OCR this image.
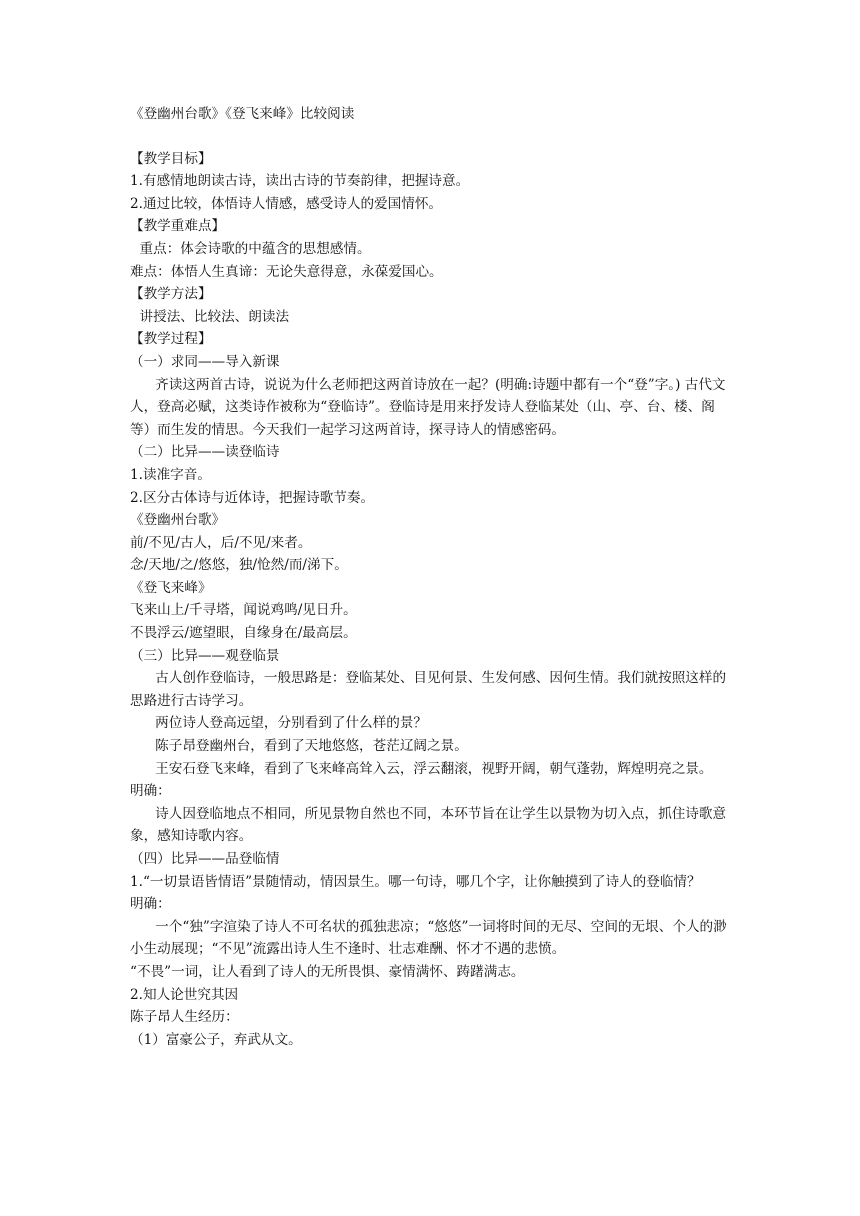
《登幽州台歌》《登飞来峰》比较阅读
【教学目标】
1.有感情地朗读古诗，读出古诗的节奏韵律，把握诗意。
2.通过比较，体悟诗人情感，感受诗人的爱国情怀。
【教学重难点】
重点：体会诗歌的中蕴含的思想感情。
难点：体悟人生真谛：无论失意得意，永葆爱国心。
【教学方法】
讲授法、比较法、朗读法
【教学过程】
（一）求同——导入新课
齐读这两首古诗，说说为什么老师把这两首诗放在一起？(明确:诗题中都有一个“登”字。) 古代文人，登高必赋，这类诗作被称为“登临诗”。登临诗是用来抒发诗人登临某处（山、亭、台、楼、阁等）而生发的情思。今天我们一起学习这两首诗，探寻诗人的情感密码。
（二）比异——读登临诗
1.读准字音。
2.区分古体诗与近体诗，把握诗歌节奏。
《登幽州台歌》
前/不见/古人，后/不见/来者。
念/天地/之/悠悠，独/怆然/而/涕下。
《登飞来峰》
飞来山上/千寻塔，闻说鸡鸣/见日升。
不畏浮云/遮望眼，自缘身在/最高层。
（三）比异——观登临景
古人创作登临诗，一般思路是：登临某处、目见何景、生发何感、因何生情。我们就按照这样的思路进行古诗学习。
两位诗人登高远望，分别看到了什么样的景？
陈子昂登幽州台，看到了天地悠悠，苍茫辽阔之景。
王安石登飞来峰，看到了飞来峰高耸入云，浮云翻滚，视野开阔，朝气蓬勃，辉煌明亮之景。
明确：
诗人因登临地点不相同，所见景物自然也不同，本环节旨在让学生以景物为切入点，抓住诗歌意象，感知诗歌内容。
（四）比异——品登临情
1.“一切景语皆情语”景随情动，情因景生。哪一句诗，哪几个字，让你触摸到了诗人的登临情？
明确：
一个“独”字渲染了诗人不可名状的孤独悲凉；“悠悠”一词将时间的无尽、空间的无垠、个人的渺小生动展现；“不见”流露出诗人生不逢时、壮志难酬、怀才不遇的悲愤。
“不畏”一词，让人看到了诗人的无所畏惧、豪情满怀、踌躇满志。
2.知人论世究其因
陈子昂人生经历：
（1）富豪公子，弃武从文。
